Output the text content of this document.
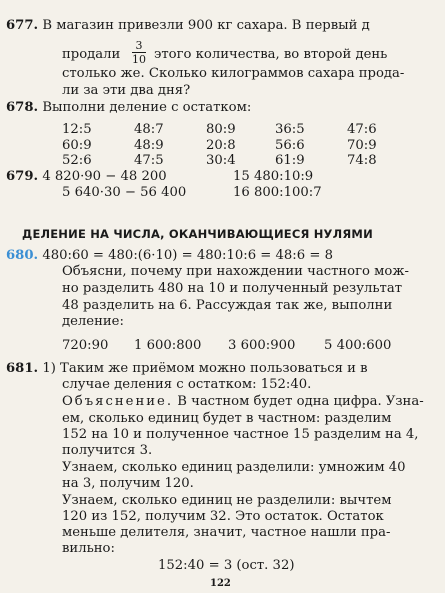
677. В магазин привезли 900 кг сахара. В первый д
продали
3
10 этого количества, во второй день
столько же. Сколько килограммов сахара прода-
ли за эти два дня?
678. Выполни деление с остатком:
12:5	48:7	80:9	36:5	47:6
60:9	48:9	20:8	56:6	70:9
52:6	47:5	30:4	61:9	74:8
679. 4 820·90 − 48 200	15 480:10:9
5 640·30 − 56 400	16 800:100:7
ДЕЛЕНИЕ НА ЧИСЛА, ОКАНЧИВАЮЩИЕСЯ НУЛЯМИ
680. 480:60 = 480:(6·10) = 480:10:6 = 48:6 = 8
Объясни, почему при нахождении частного мож-
но разделить 480 на 10 и полученный результат
48 разделить на 6. Рассуждая так же, выполни
деление:
720:90 1 600:800 3 600:900 5 400:600
681. 1) Таким же приёмом можно пользоваться и в
случае деления с остатком: 152:40.
Объяснение. В частном будет одна цифра. Узна-
ем, сколько единиц будет в частном: разделим
152 на 10 и полученное частное 15 разделим на 4,
получится 3.
Узнаем, сколько единиц разделили: умножим 40
на 3, получим 120.
Узнаем, сколько единиц не разделили: вычтем
120 из 152, получим 32. Это остаток. Остаток
меньше делителя, значит, частное нашли пра-
вильно:
152:40 = 3 (ост. 32)
122
